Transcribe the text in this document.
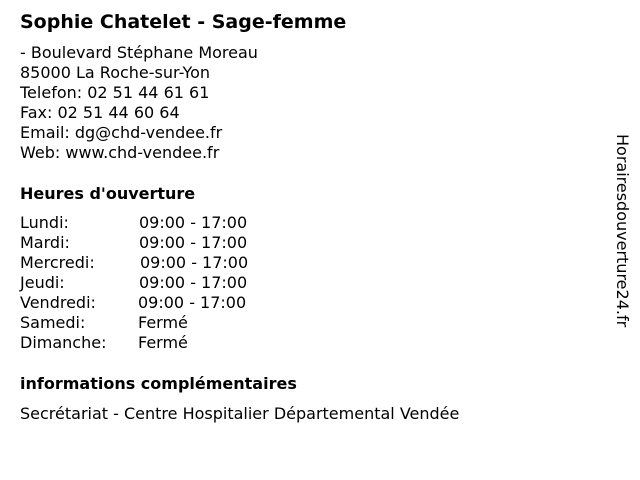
Sophie Chatelet - Sage-femme
- Boulevard Stéphane Moreau
85000 La Roche-sur-Yon
Telefon: 02 51 44 61 61
Fax: 02 51 44 60 64
Email: dg@chd-vendee.fr
Web: www.chd-vendee.fr
Heures d'ouverture
Lundi:	09:00 - 17:00
Mardi:	09:00 - 17:00
Mercredi:	09:00 - 17:00
Jeudi:	09:00 - 17:00
Vendredi:	09:00 - 17:00
Samedi:	Fermé
Dimanche: Fermé
informations complémentaires
Secrétariat - Centre Hospitalier Départemental Vendée
Horairesdouverture24.fr
